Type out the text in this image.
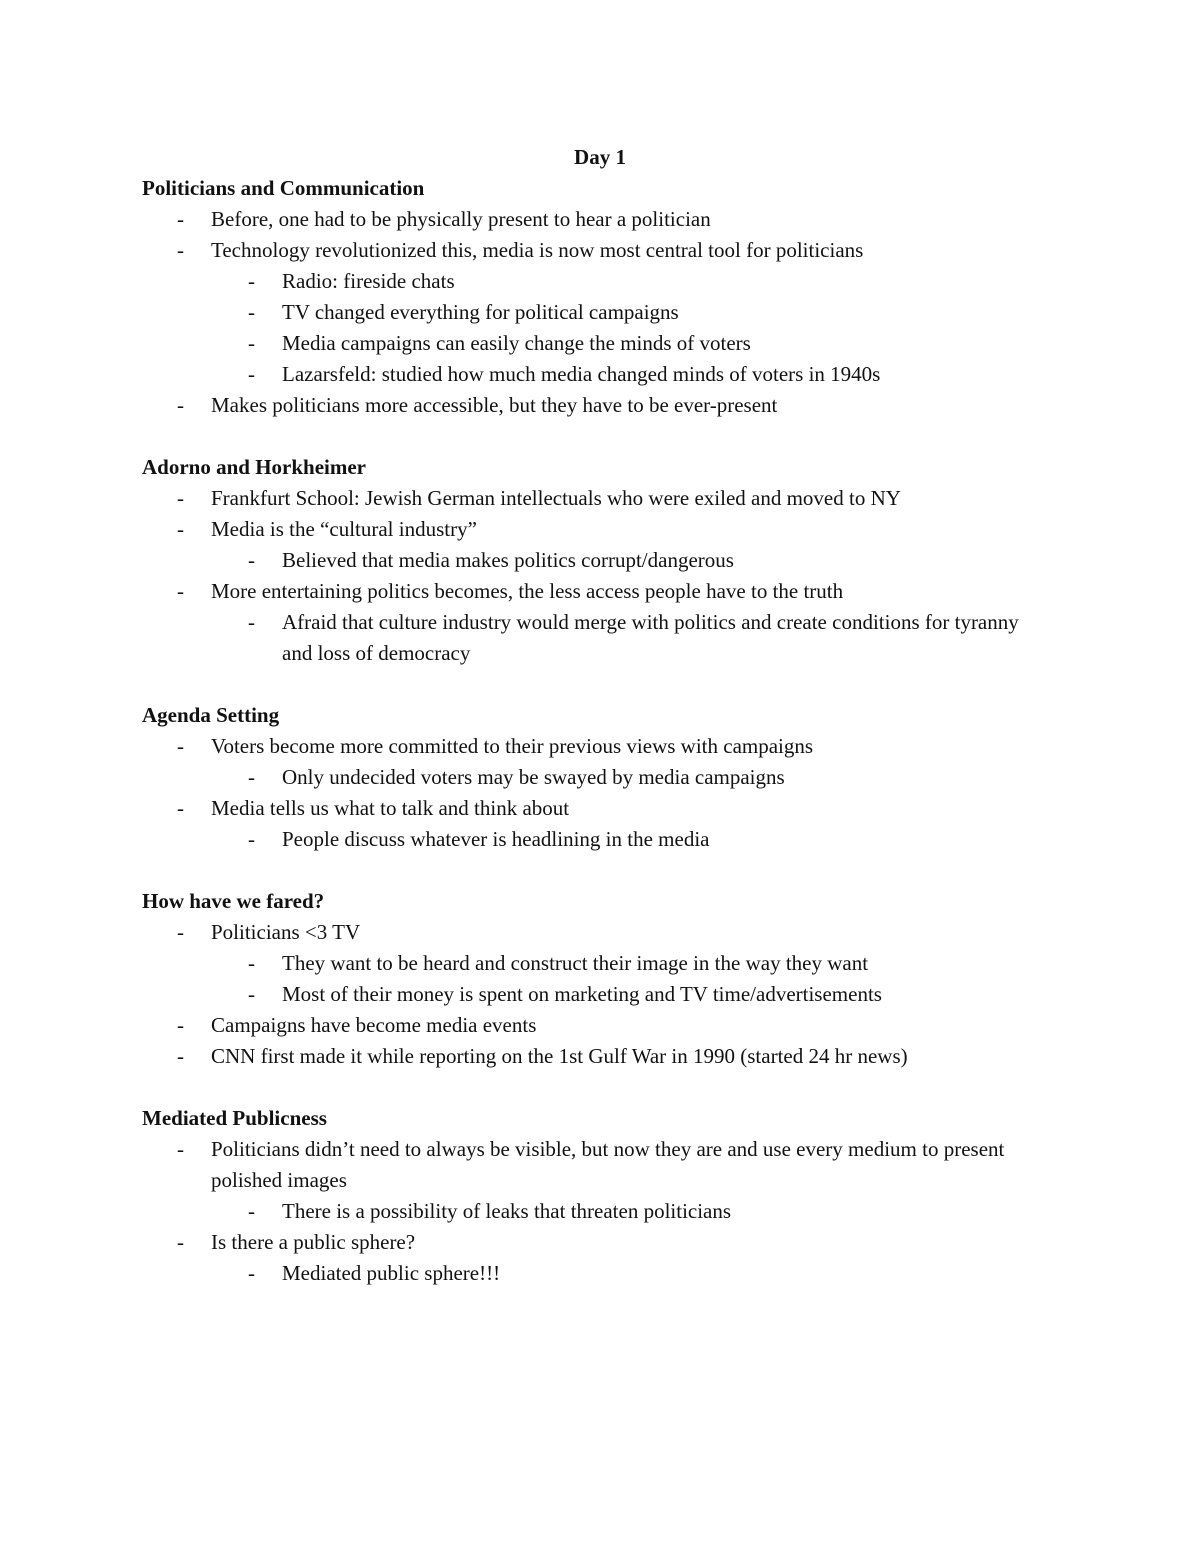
Day 1
Politicians and Communication
- Before, one had to be physically present to hear a politician
- Technology revolutionized this, media is now most central tool for politicians
- Radio: fireside chats
- TV changed everything for political campaigns
- Media campaigns can easily change the minds of voters
- Lazarsfeld: studied how much media changed minds of voters in 1940s
- Makes politicians more accessible, but they have to be ever-present
Adorno and Horkheimer
- Frankfurt School: Jewish German intellectuals who were exiled and moved to NY
- Media is the “cultural industry”
- Believed that media makes politics corrupt/dangerous
- More entertaining politics becomes, the less access people have to the truth
- Afraid that culture industry would merge with politics and create conditions for tyranny and loss of democracy
Agenda Setting
- Voters become more committed to their previous views with campaigns
- Only undecided voters may be swayed by media campaigns
- Media tells us what to talk and think about
- People discuss whatever is headlining in the media
How have we fared?
- Politicians <3 TV
- They want to be heard and construct their image in the way they want
- Most of their money is spent on marketing and TV time/advertisements
- Campaigns have become media events
- CNN first made it while reporting on the 1st Gulf War in 1990 (started 24 hr news)
Mediated Publicness
- Politicians didn’t need to always be visible, but now they are and use every medium to present polished images
- There is a possibility of leaks that threaten politicians
- Is there a public sphere?
- Mediated public sphere!!!
